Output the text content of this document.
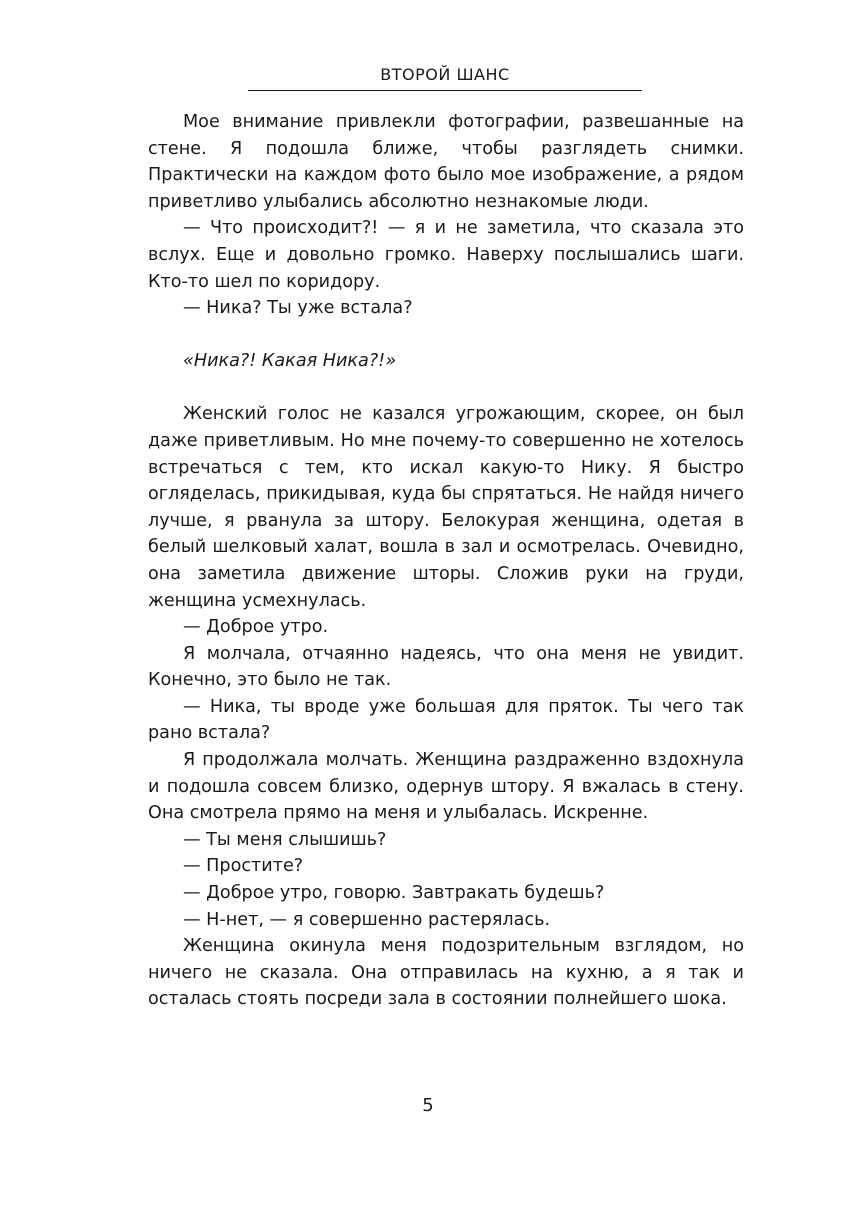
ВТОРОЙ ШАНС

Мое внимание привлекли фотографии, развешанные на стене. Я подошла ближе, чтобы разглядеть снимки. Практически на каждом фото было мое изображение, а рядом приветливо улыбались абсолютно незнакомые люди.

— Что происходит?! — я и не заметила, что сказала это вслух. Еще и довольно громко. Наверху послышались шаги. Кто-то шел по коридору.

— Ника? Ты уже встала?

«Ника?! Какая Ника?!»

Женский голос не казался угрожающим, скорее, он был даже приветливым. Но мне почему-то совершенно не хотелось встречаться с тем, кто искал какую-то Нику. Я быстро огляделась, прикидывая, куда бы спрятаться. Не найдя ничего лучше, я рванула за штору. Белокурая женщина, одетая в белый шелковый халат, вошла в зал и осмотрелась. Очевидно, она заметила движение шторы. Сложив руки на груди, женщина усмехнулась.

— Доброе утро.

Я молчала, отчаянно надеясь, что она меня не увидит. Конечно, это было не так.

— Ника, ты вроде уже большая для пряток. Ты чего так рано встала?

Я продолжала молчать. Женщина раздраженно вздохнула и подошла совсем близко, одернув штору. Я вжалась в стену. Она смотрела прямо на меня и улыбалась. Искренне.

— Ты меня слышишь?

— Простите?

— Доброе утро, говорю. Завтракать будешь?

— Н-нет, — я совершенно растерялась.

Женщина окинула меня подозрительным взглядом, но ничего не сказала. Она отправилась на кухню, а я так и осталась стоять посреди зала в состоянии полнейшего шока.

5
